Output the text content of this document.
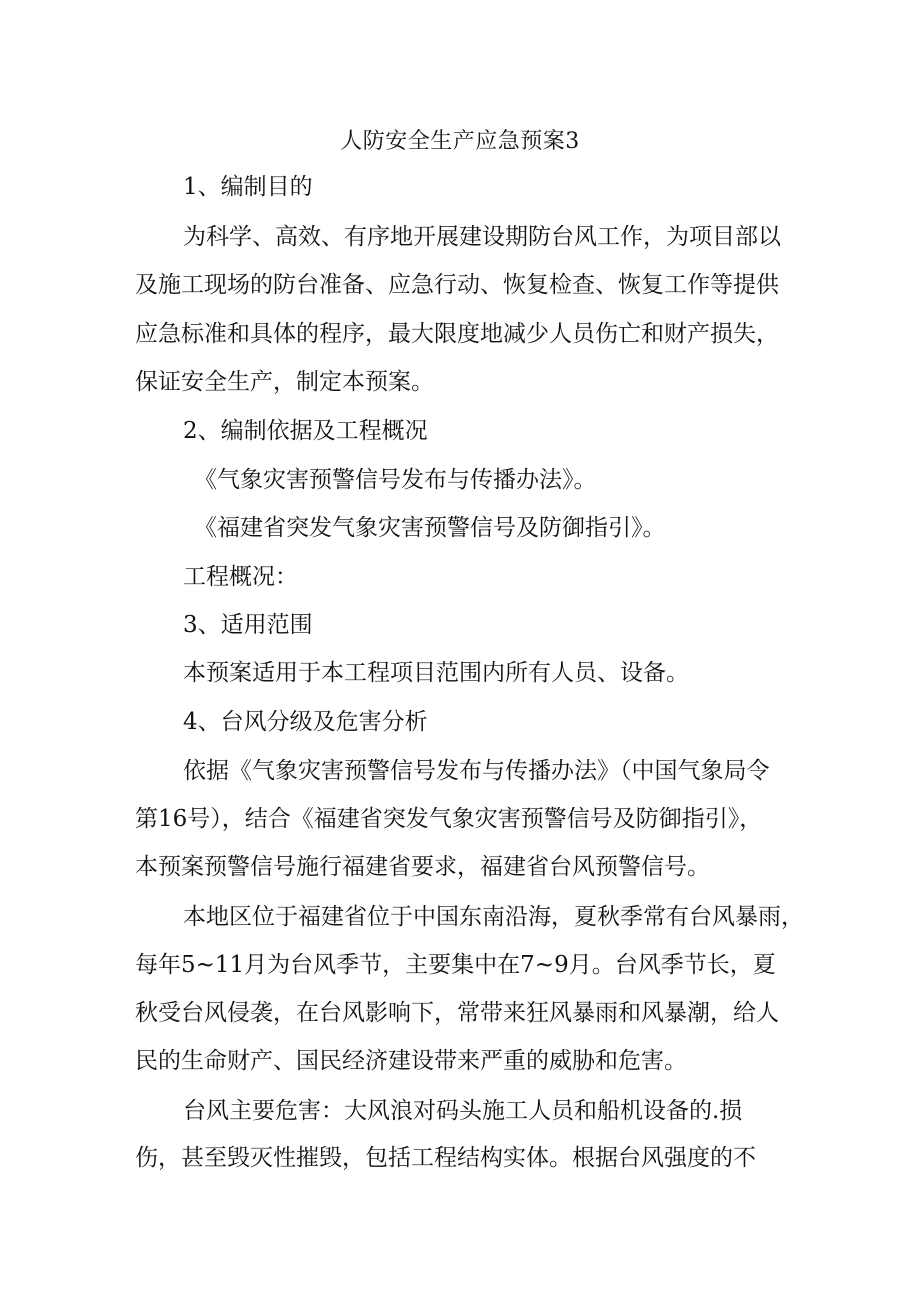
人防安全生产应急预案3
1、编制目的
为科学、高效、有序地开展建设期防台风工作，为项目部以
及施工现场的防台准备、应急行动、恢复检查、恢复工作等提供
应急标准和具体的程序，最大限度地减少人员伤亡和财产损失，
保证安全生产，制定本预案。
2、编制依据及工程概况
《气象灾害预警信号发布与传播办法》。
《福建省突发气象灾害预警信号及防御指引》。
工程概况：
3、适用范围
本预案适用于本工程项目范围内所有人员、设备。
4、台风分级及危害分析
依据《气象灾害预警信号发布与传播办法》（中国气象局令
第16号），结合《福建省突发气象灾害预警信号及防御指引》，
本预案预警信号施行福建省要求，福建省台风预警信号。
本地区位于福建省位于中国东南沿海，夏秋季常有台风暴雨，
每年5~11月为台风季节，主要集中在7~9月。台风季节长，夏
秋受台风侵袭，在台风影响下，常带来狂风暴雨和风暴潮，给人
民的生命财产、国民经济建设带来严重的威胁和危害。
台风主要危害：大风浪对码头施工人员和船机设备的.损
伤，甚至毁灭性摧毁，包括工程结构实体。根据台风强度的不
